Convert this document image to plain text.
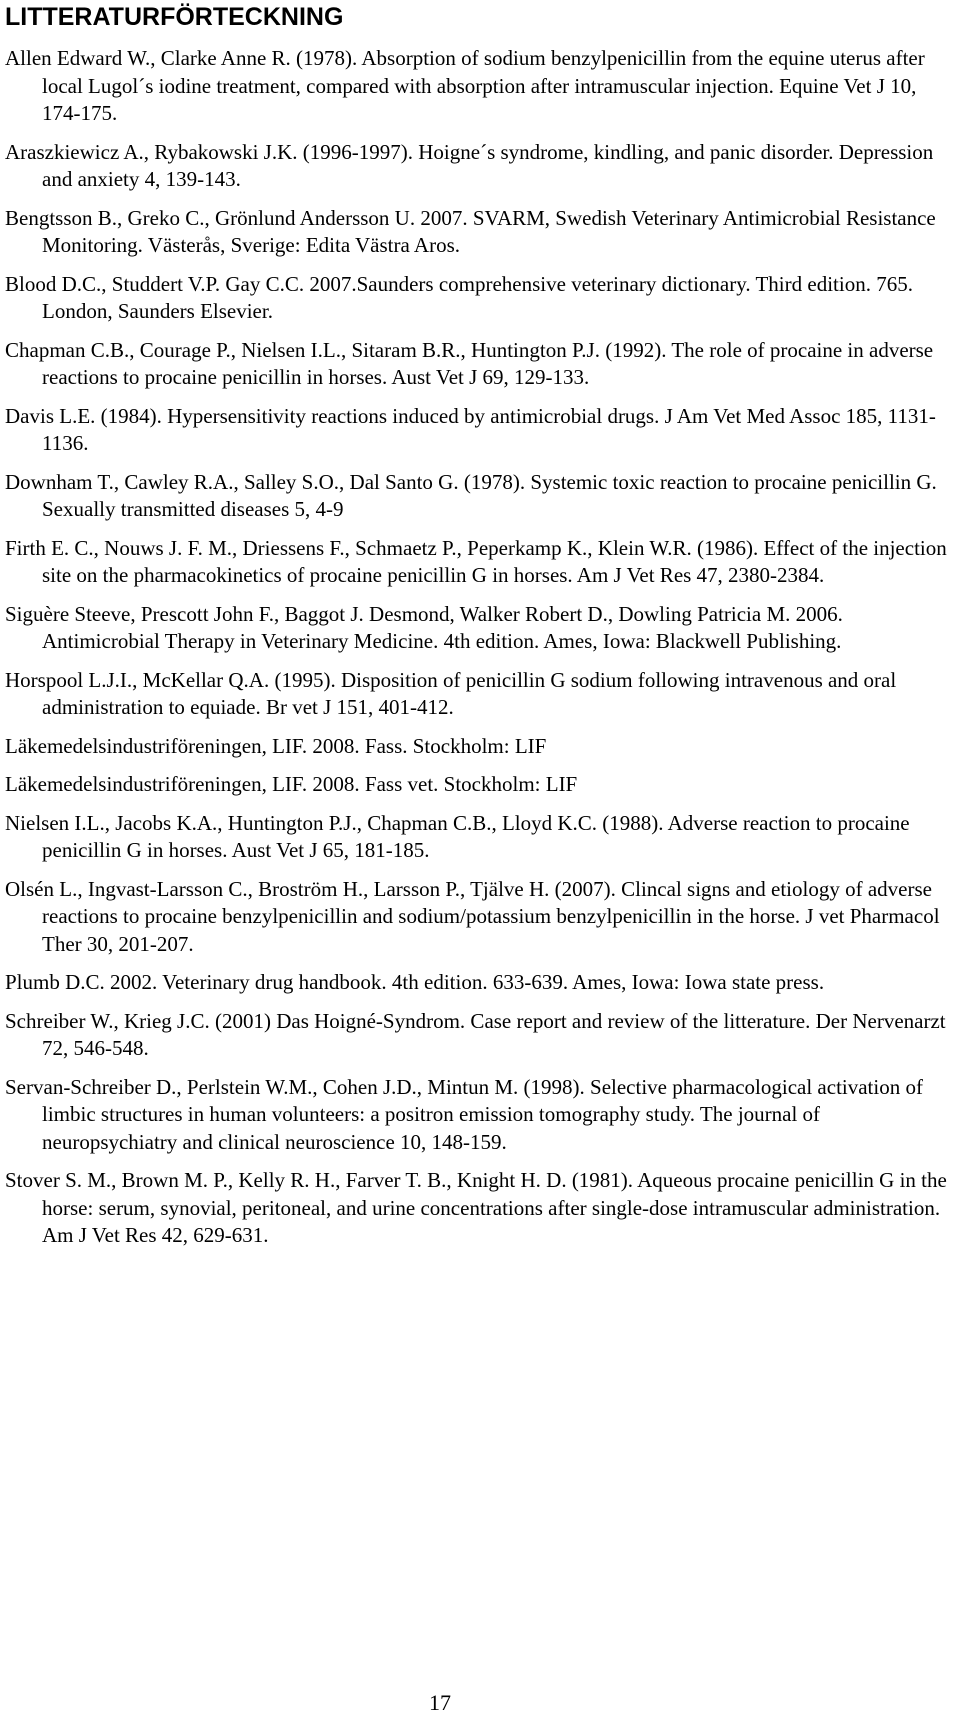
LITTERATURFÖRTECKNING
Allen Edward W., Clarke Anne R. (1978). Absorption of sodium benzylpenicillin from the equine uterus after local Lugol´s iodine treatment, compared with absorption after intramuscular injection. Equine Vet J 10, 174-175.
Araszkiewicz A., Rybakowski J.K. (1996-1997). Hoigne´s syndrome, kindling, and panic disorder. Depression and anxiety 4, 139-143.
Bengtsson B., Greko C., Grönlund Andersson U. 2007. SVARM, Swedish Veterinary Antimicrobial Resistance Monitoring. Västerås, Sverige: Edita Västra Aros.
Blood D.C., Studdert V.P. Gay C.C. 2007.Saunders comprehensive veterinary dictionary. Third edition. 765. London, Saunders Elsevier.
Chapman C.B., Courage P., Nielsen I.L., Sitaram B.R., Huntington P.J. (1992). The role of procaine in adverse reactions to procaine penicillin in horses. Aust Vet J 69, 129-133.
Davis L.E. (1984). Hypersensitivity reactions induced by antimicrobial drugs. J Am Vet Med Assoc 185, 1131-1136.
Downham T., Cawley R.A., Salley S.O., Dal Santo G. (1978). Systemic toxic reaction to procaine penicillin G. Sexually transmitted diseases 5, 4-9
Firth E. C., Nouws J. F. M., Driessens F., Schmaetz P., Peperkamp K., Klein W.R. (1986). Effect of the injection site on the pharmacokinetics of procaine penicillin G in horses. Am J Vet Res 47, 2380-2384.
Siguère Steeve, Prescott John F., Baggot J. Desmond, Walker Robert D., Dowling Patricia M. 2006. Antimicrobial Therapy in Veterinary Medicine. 4th edition. Ames, Iowa: Blackwell Publishing.
Horspool L.J.I., McKellar Q.A. (1995). Disposition of penicillin G sodium following intravenous and oral administration to equiade. Br vet J 151, 401-412.
Läkemedelsindustriföreningen, LIF. 2008. Fass. Stockholm: LIF
Läkemedelsindustriföreningen, LIF. 2008. Fass vet. Stockholm: LIF
Nielsen I.L., Jacobs K.A., Huntington P.J., Chapman C.B., Lloyd K.C. (1988). Adverse reaction to procaine penicillin G in horses. Aust Vet J 65, 181-185.
Olsén L., Ingvast-Larsson C., Broström H., Larsson P., Tjälve H. (2007). Clincal signs and etiology of adverse reactions to procaine benzylpenicillin and sodium/potassium benzylpenicillin in the horse. J vet Pharmacol Ther 30, 201-207.
Plumb D.C. 2002. Veterinary drug handbook. 4th edition. 633-639. Ames, Iowa: Iowa state press.
Schreiber W., Krieg J.C. (2001) Das Hoigné-Syndrom. Case report and review of the litterature. Der Nervenarzt 72, 546-548.
Servan-Schreiber D., Perlstein W.M., Cohen J.D., Mintun M. (1998). Selective pharmacological activation of limbic structures in human volunteers: a positron emission tomography study. The journal of neuropsychiatry and clinical neuroscience 10, 148-159.
Stover S. M., Brown M. P., Kelly R. H., Farver T. B., Knight H. D. (1981). Aqueous procaine penicillin G in the horse: serum, synovial, peritoneal, and urine concentrations after single-dose intramuscular administration. Am J Vet Res 42, 629-631.
17
